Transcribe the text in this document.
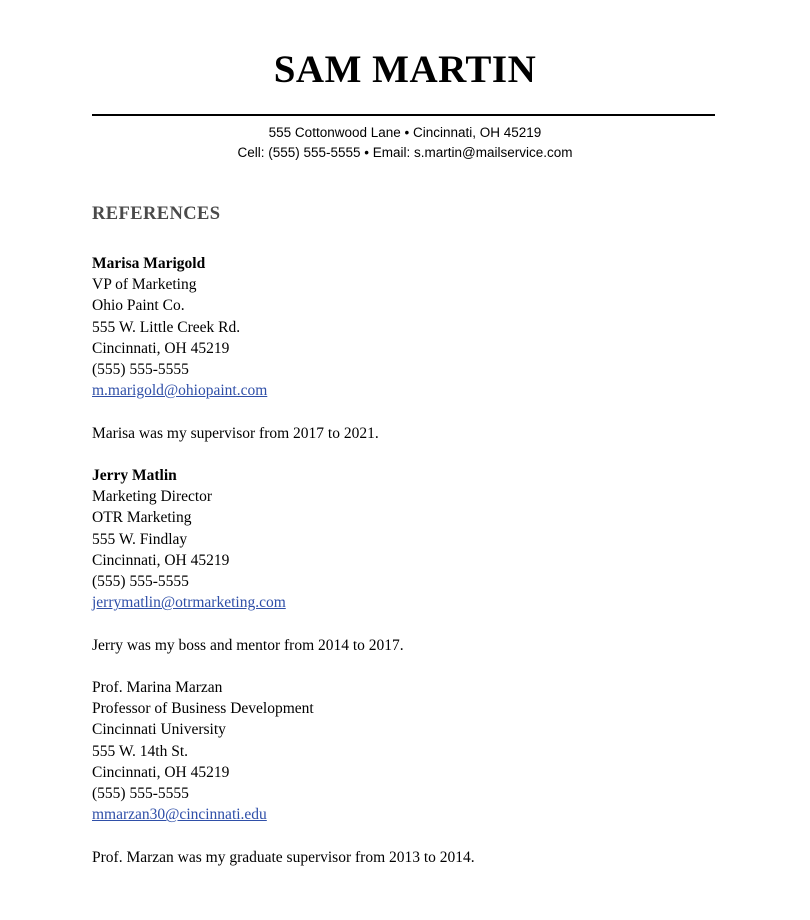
SAM MARTIN
555 Cottonwood Lane • Cincinnati, OH 45219
Cell: (555) 555-5555 • Email: s.martin@mailservice.com
REFERENCES
Marisa Marigold
VP of Marketing
Ohio Paint Co.
555 W. Little Creek Rd.
Cincinnati, OH 45219
(555) 555-5555
m.marigold@ohiopaint.com
Marisa was my supervisor from 2017 to 2021.
Jerry Matlin
Marketing Director
OTR Marketing
555 W. Findlay
Cincinnati, OH 45219
(555) 555-5555
jerrymatlin@otrmarketing.com
Jerry was my boss and mentor from 2014 to 2017.
Prof. Marina Marzan
Professor of Business Development
Cincinnati University
555 W. 14th St.
Cincinnati, OH 45219
(555) 555-5555
mmarzan30@cincinnati.edu
Prof. Marzan was my graduate supervisor from 2013 to 2014.
